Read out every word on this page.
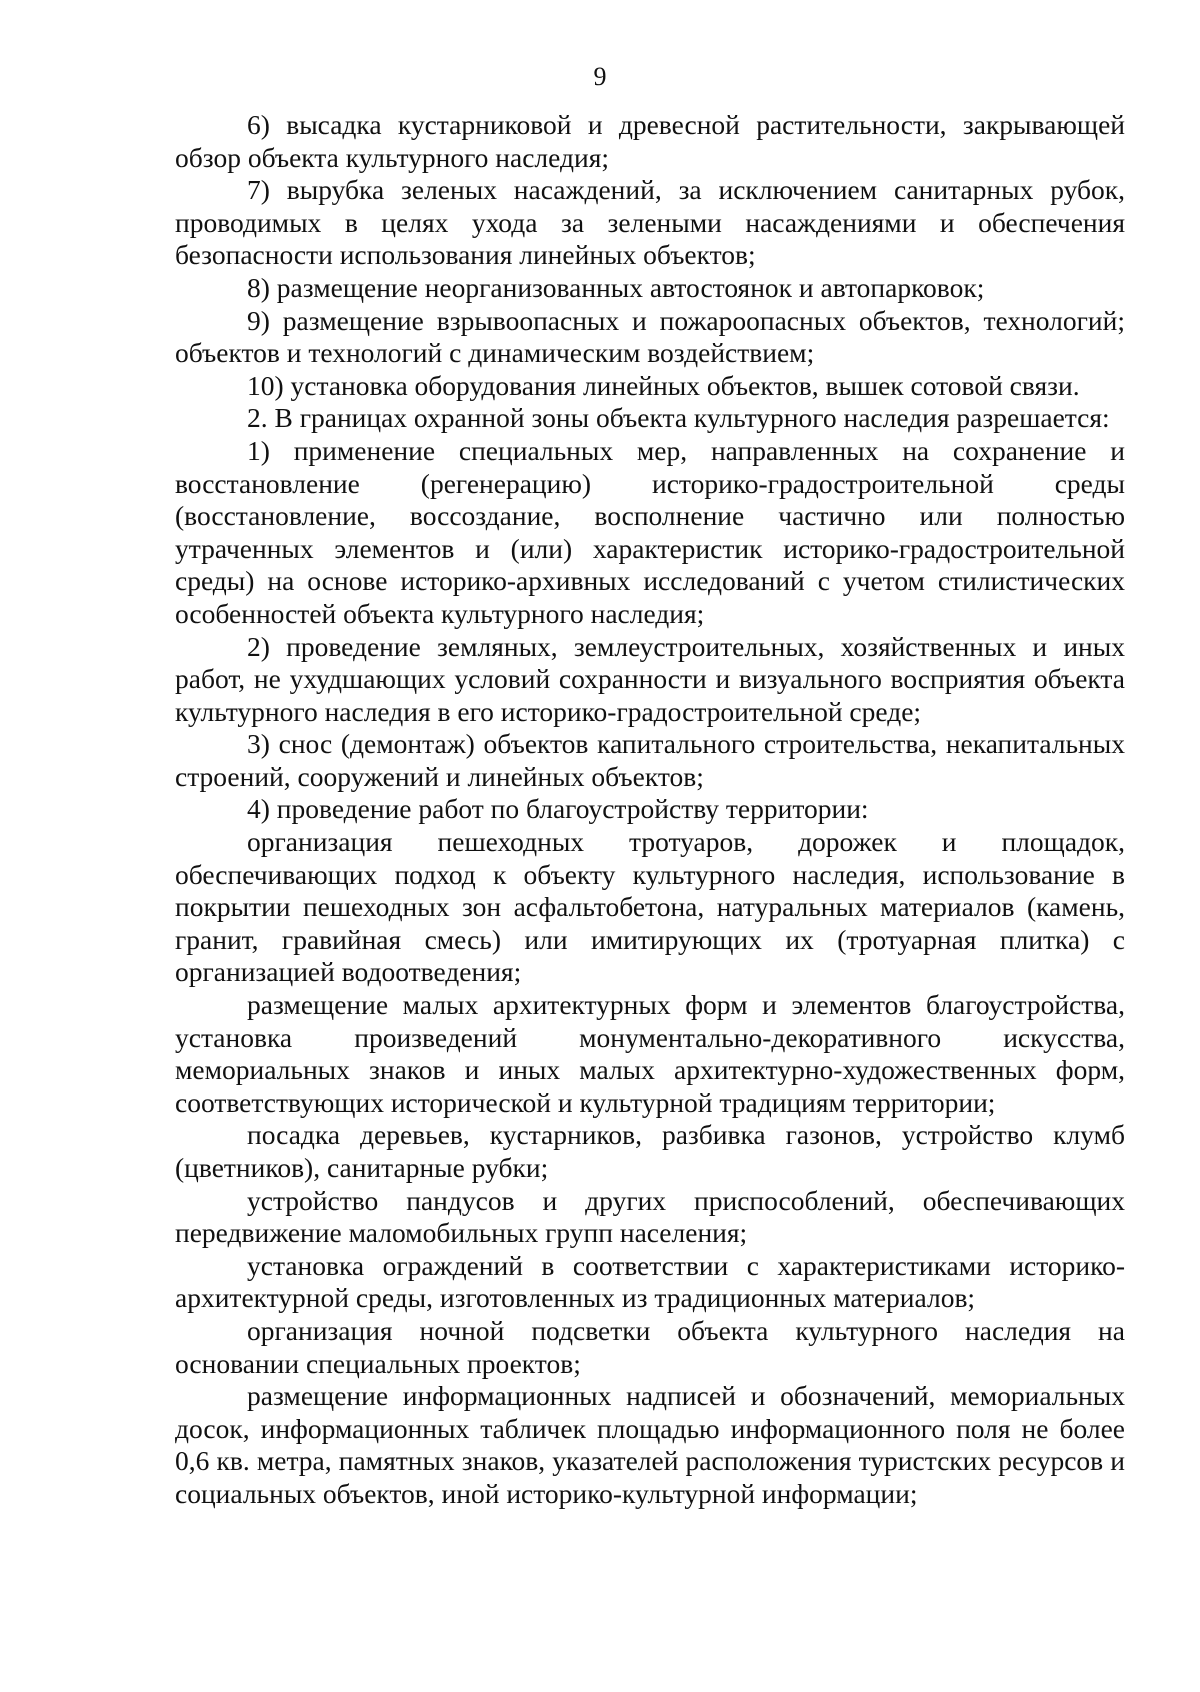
9

6) высадка кустарниковой и древесной растительности, закрывающей обзор объекта культурного наследия;

7) вырубка зеленых насаждений, за исключением санитарных рубок, проводимых в целях ухода за зелеными насаждениями и обеспечения безопасности использования линейных объектов;

8) размещение неорганизованных автостоянок и автопарковок;

9) размещение взрывоопасных и пожароопасных объектов, технологий; объектов и технологий с динамическим воздействием;

10) установка оборудования линейных объектов, вышек сотовой связи.

2. В границах охранной зоны объекта культурного наследия разрешается:

1) применение специальных мер, направленных на сохранение и восстановление (регенерацию) историко-градостроительной среды (восстановление, воссоздание, восполнение частично или полностью утраченных элементов и (или) характеристик историко-градостроительной среды) на основе историко-архивных исследований с учетом стилистических особенностей объекта культурного наследия;

2) проведение земляных, землеустроительных, хозяйственных и иных работ, не ухудшающих условий сохранности и визуального восприятия объекта культурного наследия в его историко-градостроительной среде;

3) снос (демонтаж) объектов капитального строительства, некапитальных строений, сооружений и линейных объектов;

4) проведение работ по благоустройству территории:

организация пешеходных тротуаров, дорожек и площадок, обеспечивающих подход к объекту культурного наследия, использование в покрытии пешеходных зон асфальтобетона, натуральных материалов (камень, гранит, гравийная смесь) или имитирующих их (тротуарная плитка) с организацией водоотведения;

размещение малых архитектурных форм и элементов благоустройства, установка произведений монументально-декоративного искусства, мемориальных знаков и иных малых архитектурно-художественных форм, соответствующих исторической и культурной традициям территории;

посадка деревьев, кустарников, разбивка газонов, устройство клумб (цветников), санитарные рубки;

устройство пандусов и других приспособлений, обеспечивающих передвижение маломобильных групп населения;

установка ограждений в соответствии с характеристиками историко-архитектурной среды, изготовленных из традиционных материалов;

организация ночной подсветки объекта культурного наследия на основании специальных проектов;

размещение информационных надписей и обозначений, мемориальных досок, информационных табличек площадью информационного поля не более 0,6 кв. метра, памятных знаков, указателей расположения туристских ресурсов и социальных объектов, иной историко-культурной информации;
